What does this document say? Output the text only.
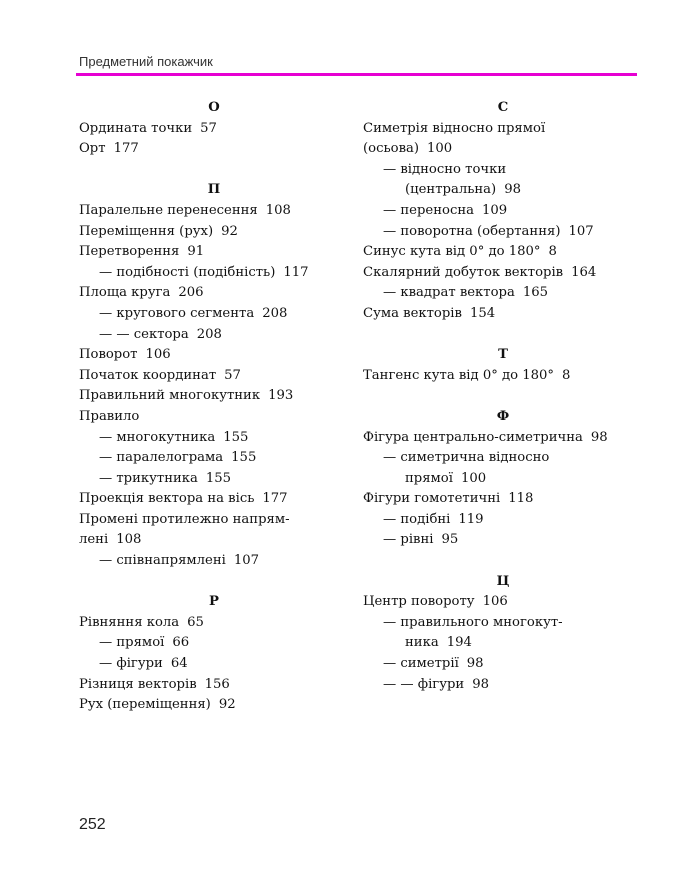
Предметний покажчик
О
Ордината точки 57
Орт 177
П
Паралельне перенесення 108
Переміщення (рух) 92
Перетворення 91
— подібності (подібність) 117
Площа круга 206
— кругового сегмента 208
— — сектора 208
Поворот 106
Початок координат 57
Правильний многокутник 193
Правило
— многокутника 155
— паралелограма 155
— трикутника 155
Проекція вектора на вісь 177
Промені протилежно напрям-
лені 108
— співнапрямлені 107
Р
Рівняння кола 65
— прямої 66
— фігури 64
Різниця векторів 156
Рух (переміщення) 92
С
Симетрія відносно прямої
(осьова) 100
— відносно точки
(центральна) 98
— переносна 109
— поворотна (обертання) 107
Синус кута від 0° до 180° 8
Скалярний добуток векторів 164
— квадрат вектора 165
Сума векторів 154
Т
Тангенс кута від 0° до 180° 8
Ф
Фігура центрально-симетрична 98
— симетрична відносно
прямої 100
Фігури гомотетичні 118
— подібні 119
— рівні 95
Ц
Центр повороту 106
— правильного многокут-
ника 194
— симетрії 98
— — фігури 98
252
